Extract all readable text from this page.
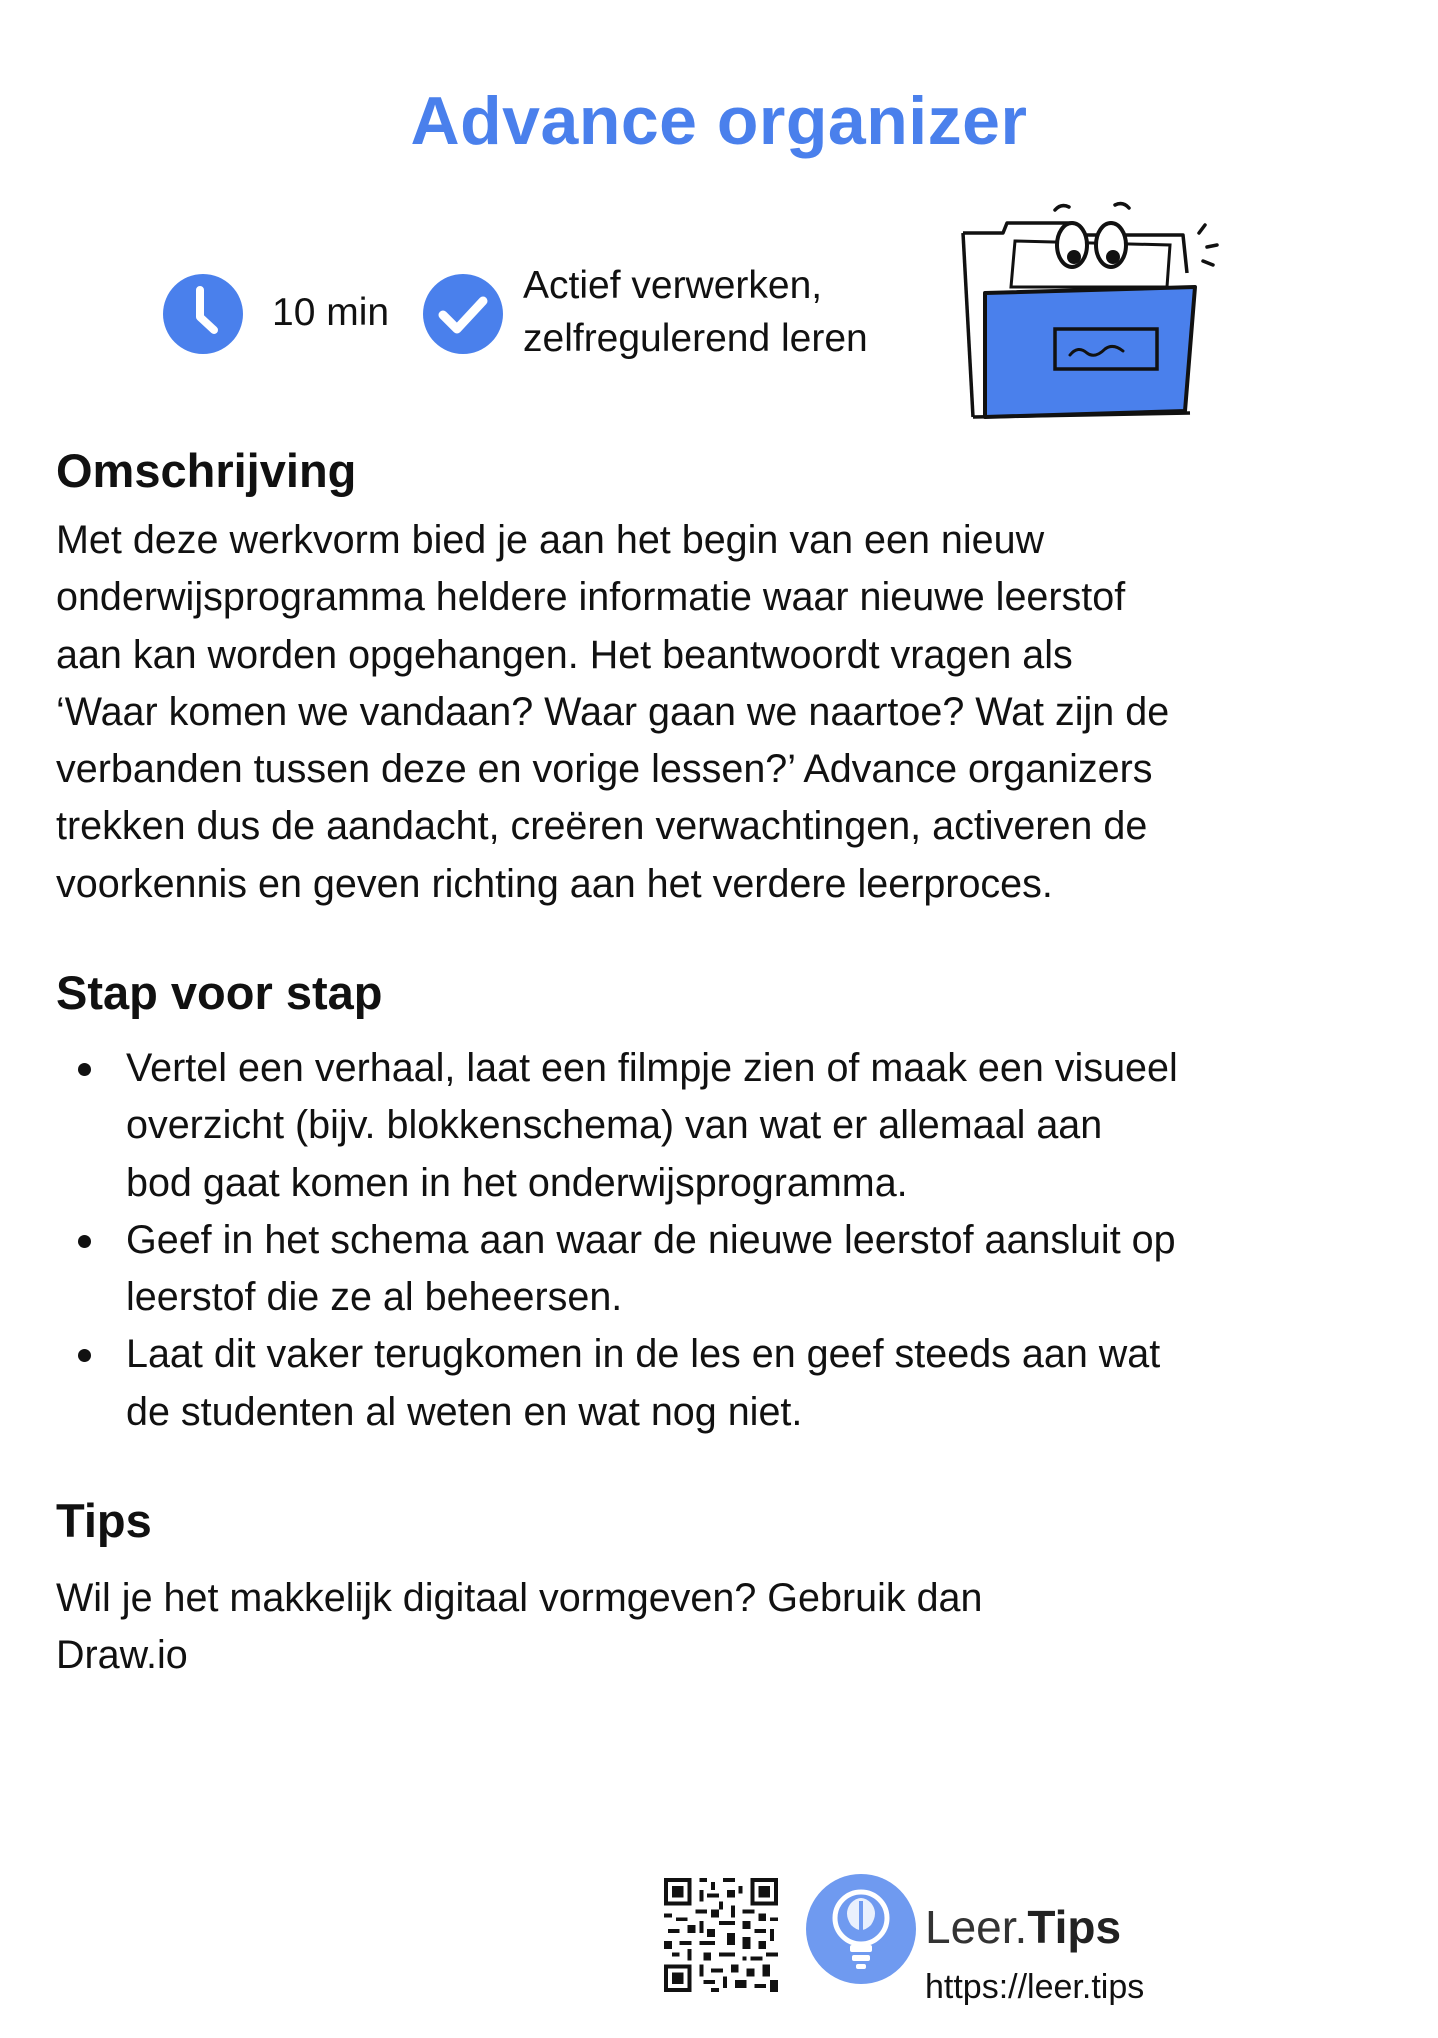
Advance organizer
10 min
Actief verwerken,
zelfregulerend leren
Omschrijving
Met deze werkvorm bied je aan het begin van een nieuw
onderwijsprogramma heldere informatie waar nieuwe leerstof
aan kan worden opgehangen. Het beantwoordt vragen als
‘Waar komen we vandaan? Waar gaan we naartoe? Wat zijn de
verbanden tussen deze en vorige lessen?’ Advance organizers
trekken dus de aandacht, creëren verwachtingen, activeren de
voorkennis en geven richting aan het verdere leerproces.
Stap voor stap
Vertel een verhaal, laat een filmpje zien of maak een visueel
overzicht (bijv. blokkenschema) van wat er allemaal aan
bod gaat komen in het onderwijsprogramma.
Geef in het schema aan waar de nieuwe leerstof aansluit op
leerstof die ze al beheersen.
Laat dit vaker terugkomen in de les en geef steeds aan wat
de studenten al weten en wat nog niet.
Tips
Wil je het makkelijk digitaal vormgeven? Gebruik dan
Draw.io
Leer.Tips
https://leer.tips
